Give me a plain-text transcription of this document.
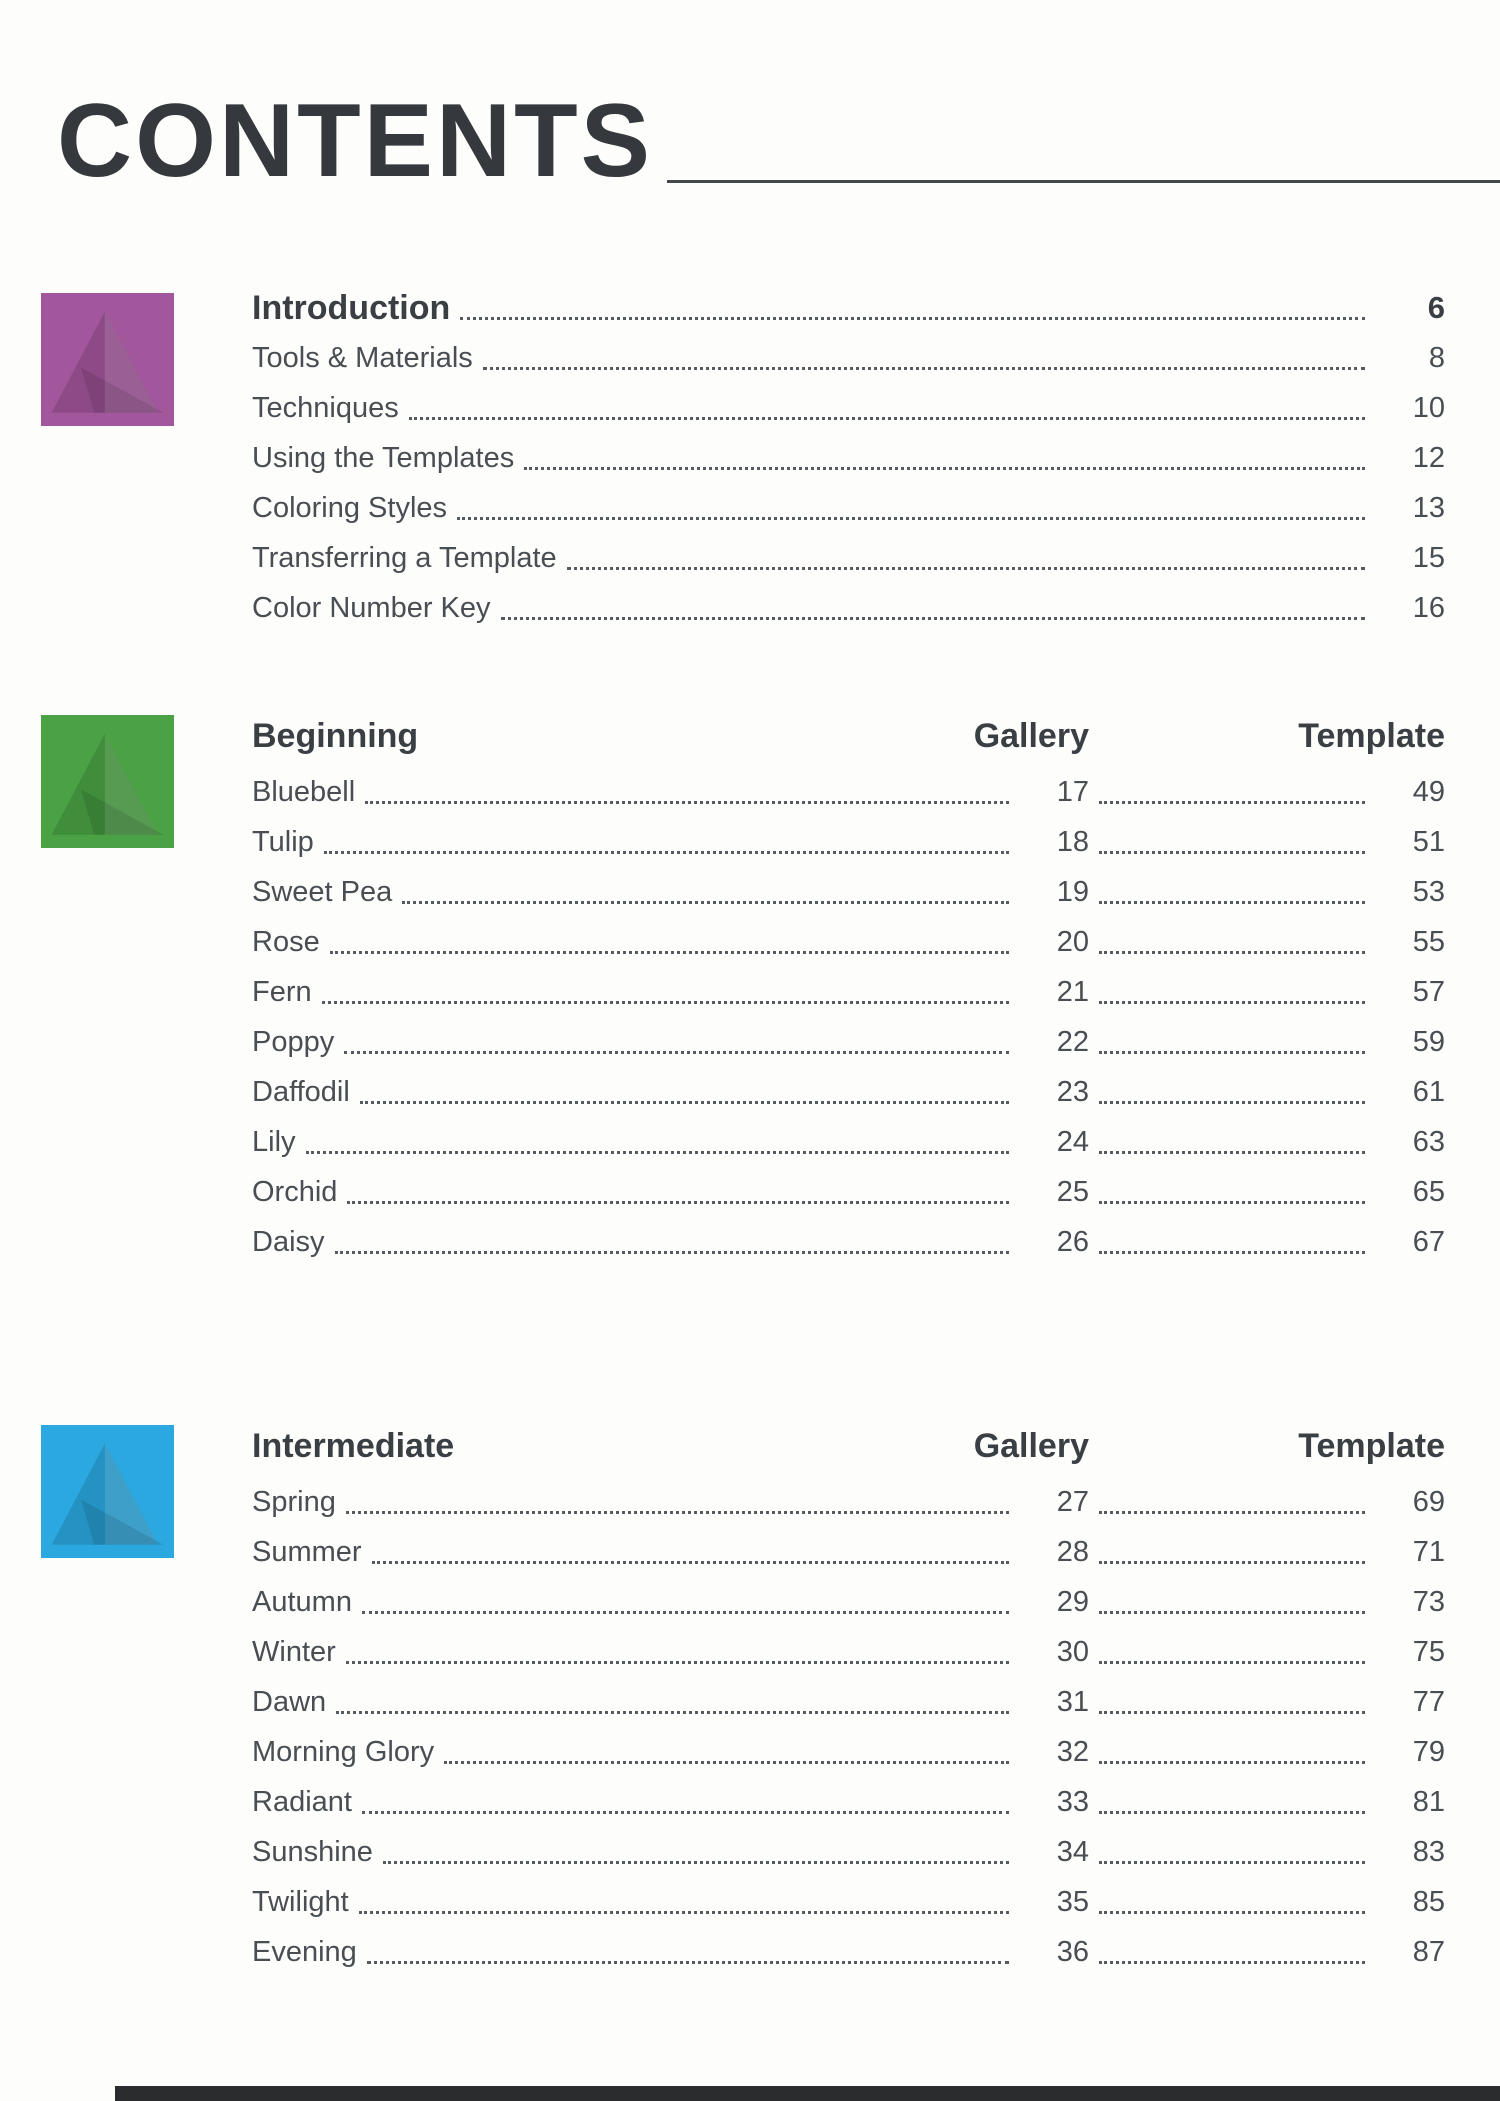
CONTENTS
Introduction	6
Tools & Materials	8
Techniques	10
Using the Templates	12
Coloring Styles	13
Transferring a Template	15
Color Number Key	16
Beginning	Gallery	Template
Bluebell	17	49
Tulip	18	51
Sweet Pea	19	53
Rose	20	55
Fern	21	57
Poppy	22	59
Daffodil	23	61
Lily	24	63
Orchid	25	65
Daisy	26	67
Intermediate	Gallery	Template
Spring	27	69
Summer	28	71
Autumn	29	73
Winter	30	75
Dawn	31	77
Morning Glory	32	79
Radiant	33	81
Sunshine	34	83
Twilight	35	85
Evening	36	87
